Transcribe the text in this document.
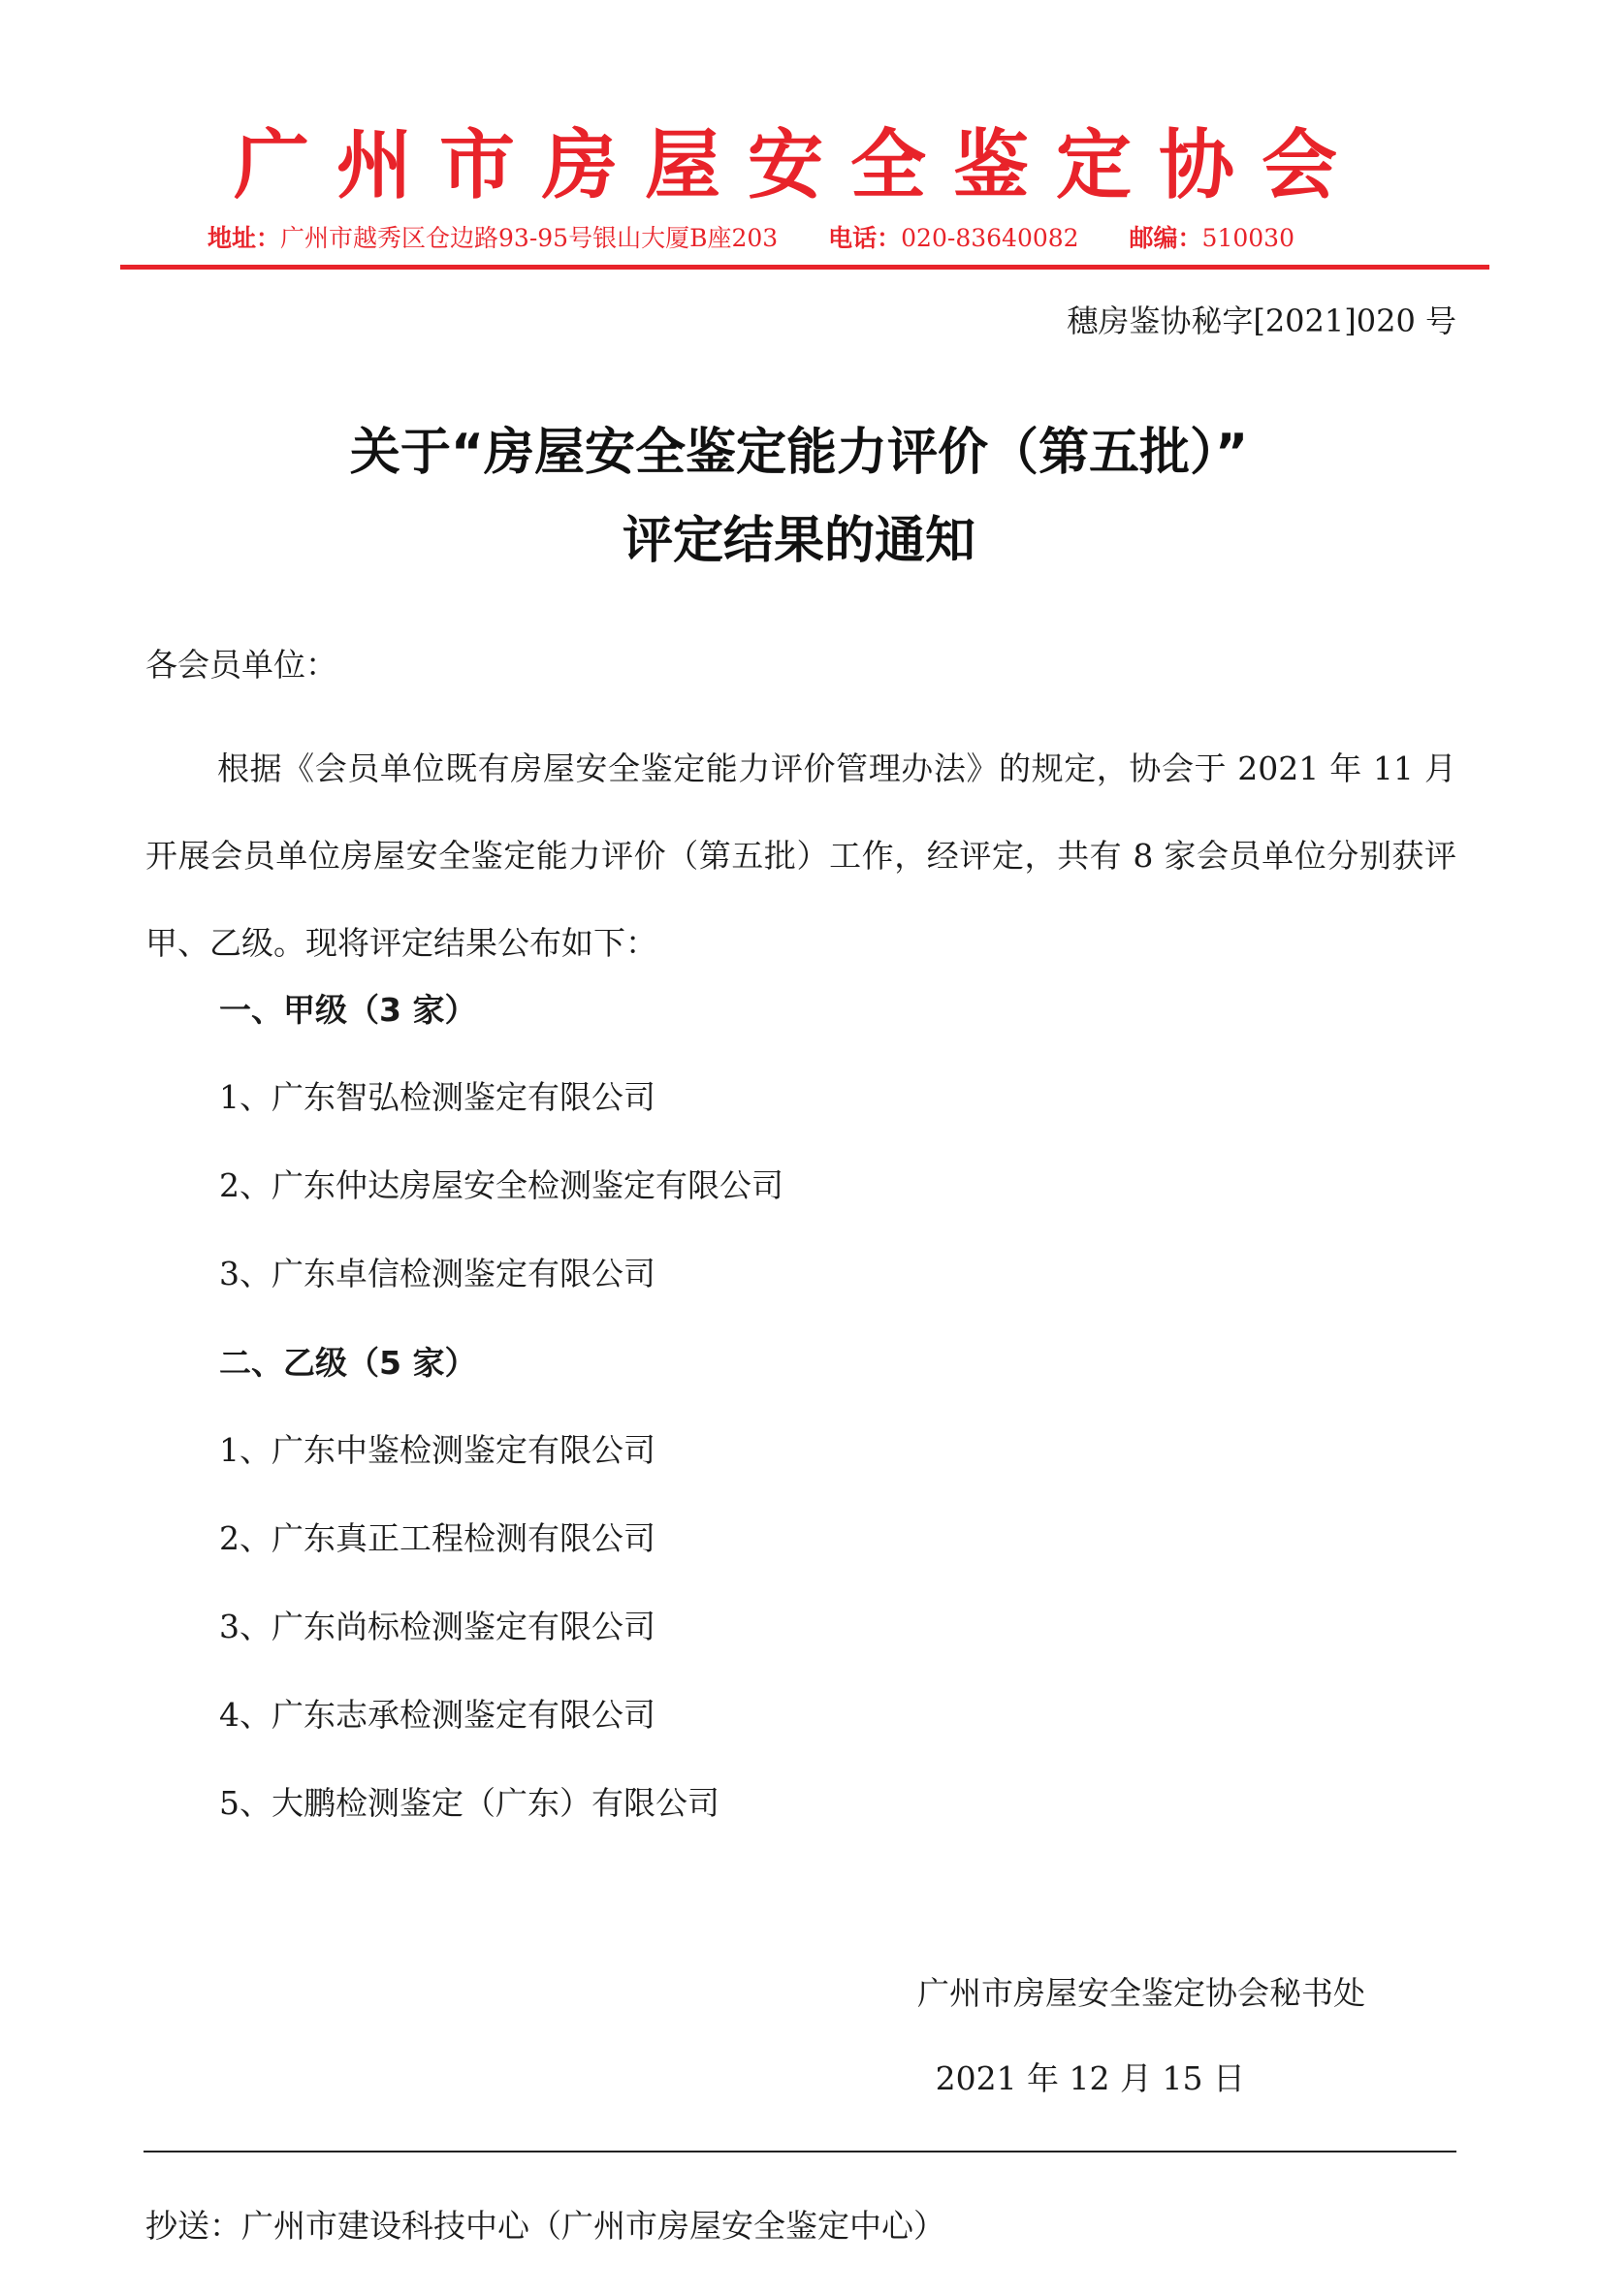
广州市房屋安全鉴定协会
地址：广州市越秀区仓边路93-95号银山大厦B座203 电话：020-83640082 邮编：510030
穗房鉴协秘字[2021]020 号
关于“房屋安全鉴定能力评价（第五批）”
评定结果的通知
各会员单位：
根据《会员单位既有房屋安全鉴定能力评价管理办法》的规定，协会于 2021 年 11 月开展会员单位房屋安全鉴定能力评价（第五批）工作，经评定，共有 8 家会员单位分别获评甲、乙级。现将评定结果公布如下：
一、甲级（3 家）
1、广东智弘检测鉴定有限公司
2、广东仲达房屋安全检测鉴定有限公司
3、广东卓信检测鉴定有限公司
二、乙级（5 家）
1、广东中鉴检测鉴定有限公司
2、广东真正工程检测有限公司
3、广东尚标检测鉴定有限公司
4、广东志承检测鉴定有限公司
5、大鹏检测鉴定（广东）有限公司
广州市房屋安全鉴定协会秘书处
2021 年 12 月 15 日
抄送：广州市建设科技中心（广州市房屋安全鉴定中心）
